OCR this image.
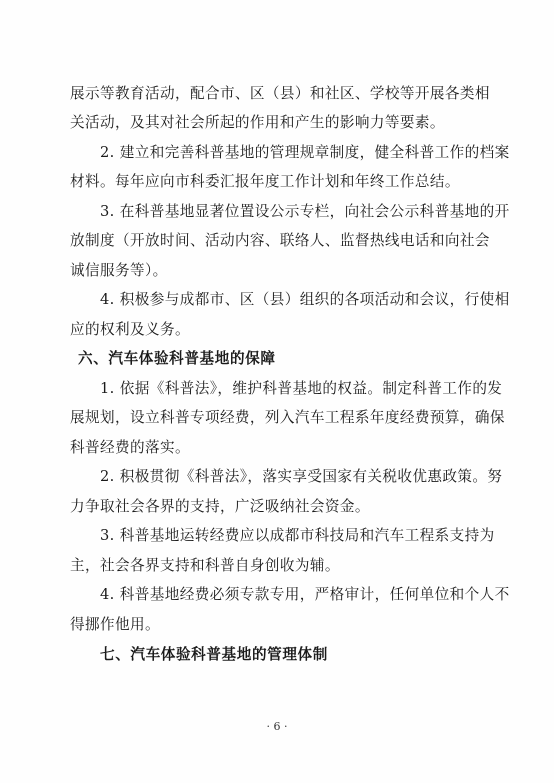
展示等教育活动，配合市、区（县）和社区、学校等开展各类相
关活动，及其对社会所起的作用和产生的影响力等要素。
2. 建立和完善科普基地的管理规章制度，健全科普工作的档案
材料。每年应向市科委汇报年度工作计划和年终工作总结。
3. 在科普基地显著位置设公示专栏，向社会公示科普基地的开
放制度（开放时间、活动内容、联络人、监督热线电话和向社会
诚信服务等）。
4. 积极参与成都市、区（县）组织的各项活动和会议，行使相
应的权利及义务。
六、汽车体验科普基地的保障
1. 依据《科普法》，维护科普基地的权益。制定科普工作的发
展规划，设立科普专项经费，列入汽车工程系年度经费预算，确保
科普经费的落实。
2. 积极贯彻《科普法》，落实享受国家有关税收优惠政策。努
力争取社会各界的支持，广泛吸纳社会资金。
3. 科普基地运转经费应以成都市科技局和汽车工程系支持为
主，社会各界支持和科普自身创收为辅。
4. 科普基地经费必须专款专用，严格审计，任何单位和个人不
得挪作他用。
七、汽车体验科普基地的管理体制
· 6 ·
